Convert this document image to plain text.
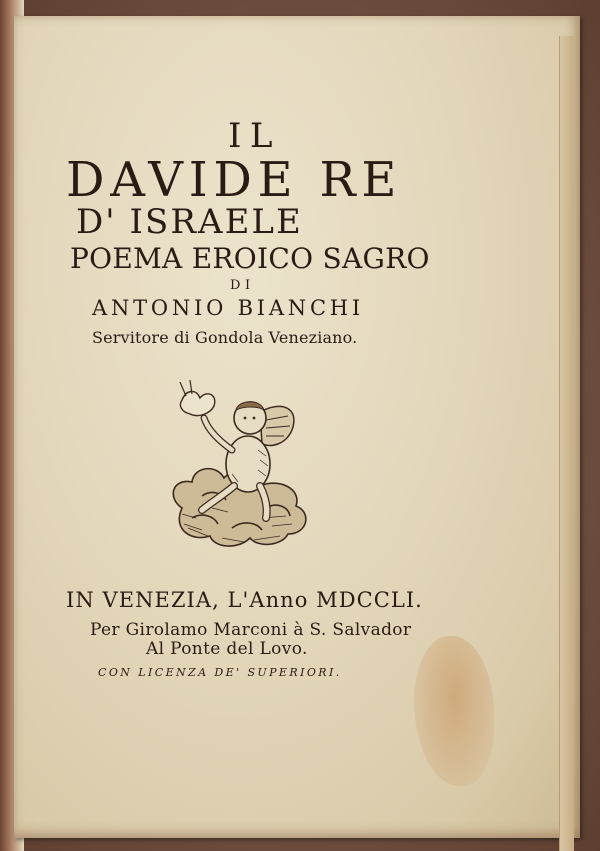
IL
DAVIDE RE
D' ISRAELE
POEMA EROICO SAGRO
DI
ANTONIO BIANCHI
Servitore di Gondola Veneziano.
IN VENEZIA, L'Anno MDCCLI.
Per Girolamo Marconi à S. Salvador
Al Ponte del Lovo.
CON LICENZA DE' SUPERIORI.
